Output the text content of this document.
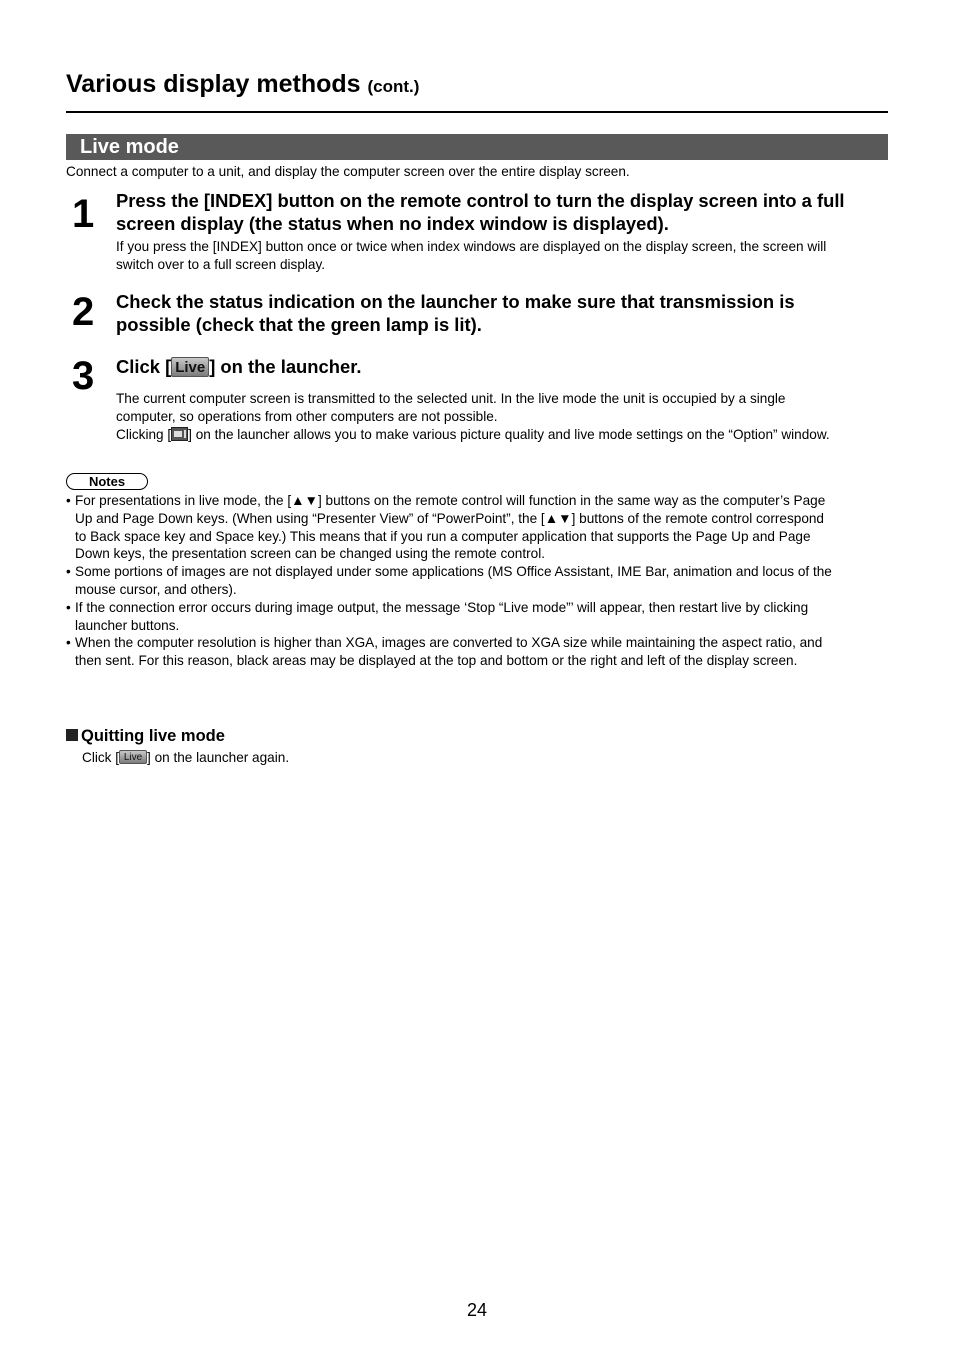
Various display methods (cont.)
Live mode
Connect a computer to a unit, and display the computer screen over the entire display screen.
1 Press the [INDEX] button on the remote control to turn the display screen into a full
screen display (the status when no index window is displayed).
If you press the [INDEX] button once or twice when index windows are displayed on the display screen, the screen will
switch over to a full screen display.
2 Check the status indication on the launcher to make sure that transmission is
possible (check that the green lamp is lit).
3 Click [ Live ] on the launcher.
The current computer screen is transmitted to the selected unit. In the live mode the unit is occupied by a single
computer, so operations from other computers are not possible.
Clicking [ ] on the launcher allows you to make various picture quality and live mode settings on the “Option” window.
Notes
• For presentations in live mode, the [▲▼] buttons on the remote control will function in the same way as the computer’s Page
Up and Page Down keys. (When using “Presenter View” of “PowerPoint”, the [▲▼] buttons of the remote control correspond
to Back space key and Space key.) This means that if you run a computer application that supports the Page Up and Page
Down keys, the presentation screen can be changed using the remote control.
• Some portions of images are not displayed under some applications (MS Office Assistant, IME Bar, animation and locus of the
mouse cursor, and others).
• If the connection error occurs during image output, the message ‘Stop “Live mode”’ will appear, then restart live by clicking
launcher buttons.
• When the computer resolution is higher than XGA, images are converted to XGA size while maintaining the aspect ratio, and
then sent. For this reason, black areas may be displayed at the top and bottom or the right and left of the display screen.
Quitting live mode
Click [ Live ] on the launcher again.
24
